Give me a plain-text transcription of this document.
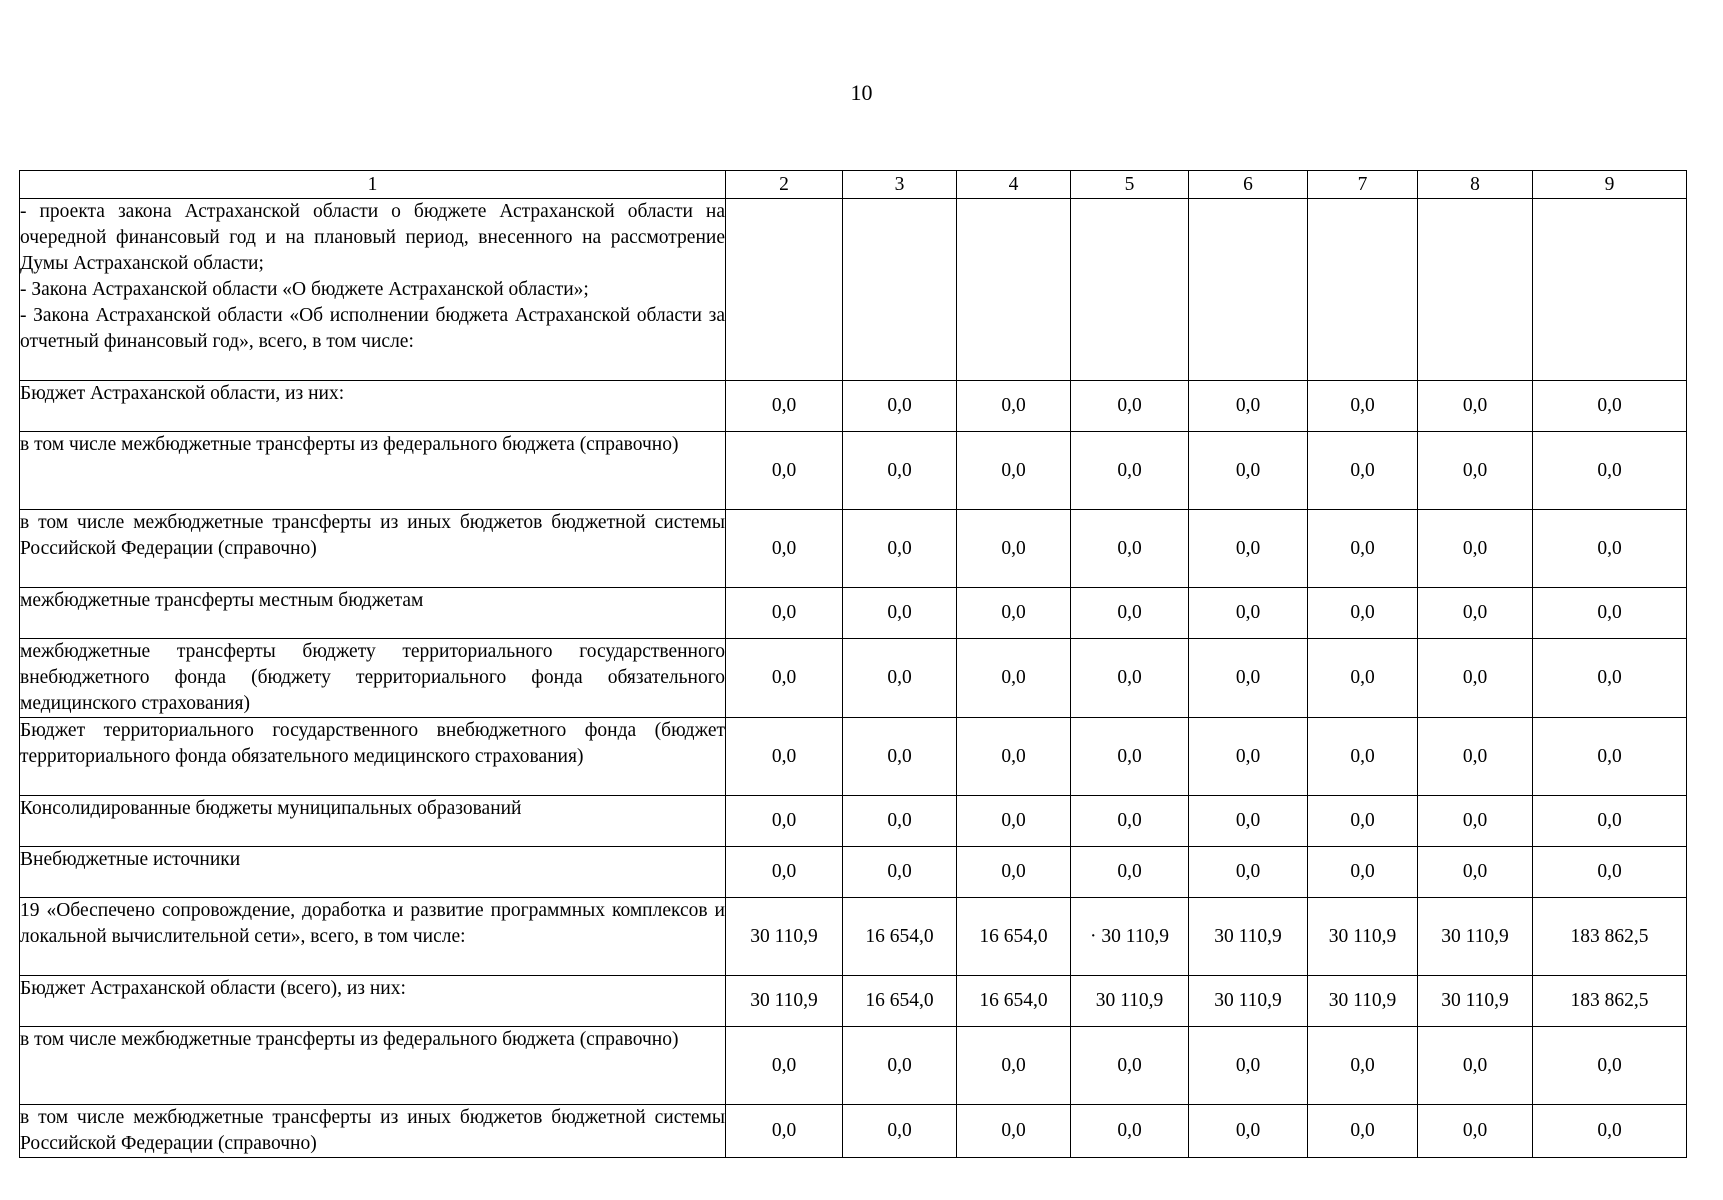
10
1	2	3	4	5	6	7	8	9

- проекта закона Астраханской области о бюджете Астраханской области на очередной финансовый год и на плановый период, внесенного на рассмотрение Думы Астраханской области;
- Закона Астраханской области «О бюджете Астраханской области»;
- Закона Астраханской области «Об исполнении бюджета Астраханской области за отчетный финансовый год», всего, в том числе:								

Бюджет Астраханской области, из них:	0,0	0,0	0,0	0,0	0,0	0,0	0,0	0,0

в том числе межбюджетные трансферты из федерального бюджета (справочно)	0,0	0,0	0,0	0,0	0,0	0,0	0,0	0,0

в том числе межбюджетные трансферты из иных бюджетов бюджетной системы Российской Федерации (справочно)	0,0	0,0	0,0	0,0	0,0	0,0	0,0	0,0

межбюджетные трансферты местным бюджетам	0,0	0,0	0,0	0,0	0,0	0,0	0,0	0,0

межбюджетные трансферты бюджету территориального государственного внебюджетного фонда (бюджету территориального фонда обязательного медицинского страхования)	0,0	0,0	0,0	0,0	0,0	0,0	0,0	0,0

Бюджет территориального государственного внебюджетного фонда (бюджет территориального фонда обязательного медицинского страхования)	0,0	0,0	0,0	0,0	0,0	0,0	0,0	0,0

Консолидированные бюджеты муниципальных образований	0,0	0,0	0,0	0,0	0,0	0,0	0,0	0,0

Внебюджетные источники	0,0	0,0	0,0	0,0	0,0	0,0	0,0	0,0

19 «Обеспечено сопровождение, доработка и развитие программных комплексов и локальной вычислительной сети», всего, в том числе:	30 110,9	16 654,0	16 654,0	· 30 110,9	30 110,9	30 110,9	30 110,9	183 862,5

Бюджет Астраханской области (всего), из них:	30 110,9	16 654,0	16 654,0	30 110,9	30 110,9	30 110,9	30 110,9	183 862,5

в том числе межбюджетные трансферты из федерального бюджета (справочно)	0,0	0,0	0,0	0,0	0,0	0,0	0,0	0,0

в том числе межбюджетные трансферты из иных бюджетов бюджетной системы Российской Федерации (справочно)	0,0	0,0	0,0	0,0	0,0	0,0	0,0	0,0
